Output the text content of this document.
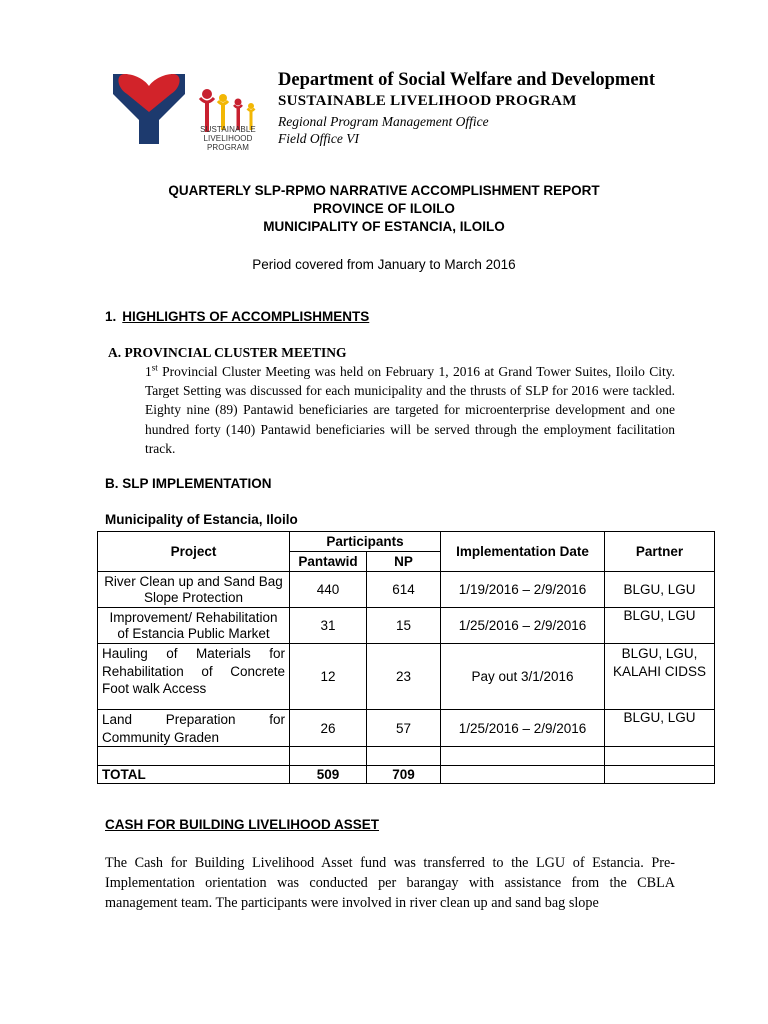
SUSTAINABLE
LIVELIHOOD
PROGRAM
Department of Social Welfare and Development
SUSTAINABLE LIVELIHOOD PROGRAM
Regional Program Management Office
Field Office VI
QUARTERLY SLP-RPMO NARRATIVE ACCOMPLISHMENT REPORT
PROVINCE OF ILOILO
MUNICIPALITY OF ESTANCIA, ILOILO
Period covered from January to March 2016
1. HIGHLIGHTS OF ACCOMPLISHMENTS
A. PROVINCIAL CLUSTER MEETING
1st Provincial Cluster Meeting was held on February 1, 2016 at Grand Tower Suites, Iloilo City. Target Setting was discussed for each municipality and the thrusts of SLP for 2016 were tackled. Eighty nine (89) Pantawid beneficiaries are targeted for microenterprise development and one hundred forty (140) Pantawid beneficiaries will be served through the employment facilitation track.
B. SLP IMPLEMENTATION
Municipality of Estancia, Iloilo
Project	Participants		Implementation Date	Partner
	Pantawid	NP		
River Clean up and Sand Bag Slope Protection	440	614	1/19/2016 – 2/9/2016	BLGU, LGU
Improvement/ Rehabilitation of Estancia Public Market	31	15	1/25/2016 – 2/9/2016	BLGU, LGU
Hauling of Materials for Rehabilitation of Concrete Foot walk Access	12	23	Pay out 3/1/2016	BLGU, LGU, KALAHI CIDSS
Land Preparation for Community Graden	26	57	1/25/2016 – 2/9/2016	BLGU, LGU

TOTAL	509	709		
CASH FOR BUILDING LIVELIHOOD ASSET
The Cash for Building Livelihood Asset fund was transferred to the LGU of Estancia. Pre-Implementation orientation was conducted per barangay with assistance from the CBLA management team. The participants were involved in river clean up and sand bag slope
